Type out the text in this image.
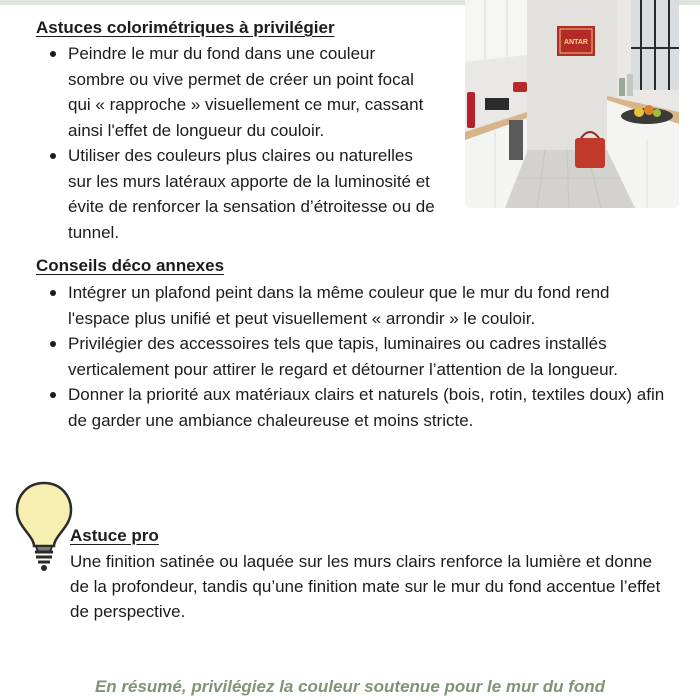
Astuces colorimétriques à privilégier
Peindre le mur du fond dans une couleur sombre ou vive permet de créer un point focal qui « rapproche » visuellement ce mur, cassant ainsi l'effet de longueur du couloir.
Utiliser des couleurs plus claires ou naturelles sur les murs latéraux apporte de la luminosité et évite de renforcer la sensation d’étroitesse ou de tunnel.
ANTAR
Conseils déco annexes
Intégrer un plafond peint dans la même couleur que le mur du fond rend l'espace plus unifié et peut visuellement « arrondir » le couloir.
Privilégier des accessoires tels que tapis, luminaires ou cadres installés verticalement pour attirer le regard et détourner l’attention de la longueur.
Donner la priorité aux matériaux clairs et naturels (bois, rotin, textiles doux) afin de garder une ambiance chaleureuse et moins stricte.
Astuce pro

Une finition satinée ou laquée sur les murs clairs renforce la lumière et donne de la profondeur, tandis qu’une finition mate sur le mur du fond accentue l’effet de perspective.

En résumé, privilégiez la couleur soutenue pour le mur du fond
